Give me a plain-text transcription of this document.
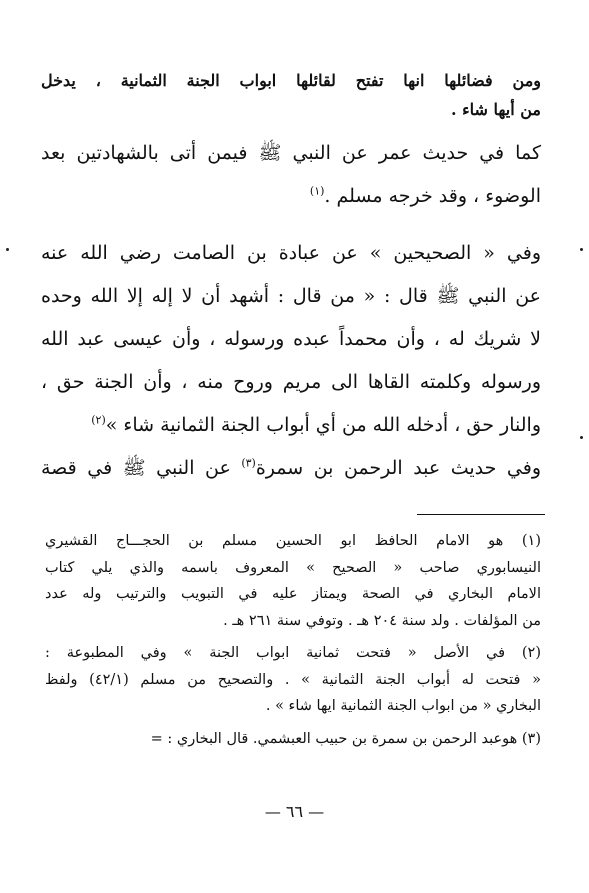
ومن فضائلها انها تفتح لقائلها ابواب الجنة الثمانية ، يدخل
من أيها شاء .
كما في حديث عمر عن النبي ﷺ فيمن أتى بالشهادتين بعد
الوضوء ، وقد خرجه مسلم .$^{(١)}$
وفي « الصحيحين » عن عبادة بن الصامت رضي الله عنه
عن النبي ﷺ قال : « من قال : أشهد أن لا إله إلا الله وحده
لا شريك له ، وأن محمداً عبده ورسوله ، وأن عيسى عبد الله
ورسوله وكلمته القاها الى مريم وروح منه ، وأن الجنة حق ،
والنار حق ، أدخله الله من أي أبواب الجنة الثمانية شاء »$^{(٢)}$
وفي حديث عبد الرحمن بن سمرة$^{(٣)}$ عن النبي ﷺ في قصة
(١) هو الامام الحافظ ابو الحسين مسلم بن الحجـــاج القشيري
النيسابوري صاحب « الصحيح » المعروف باسمه والذي يلي كتاب
الامام البخاري في الصحة ويمتاز عليه في التبويب والترتيب وله عدد
من المؤلفات . ولد سنة ٢٠٤ هـ . وتوفي سنة ٢٦١ هـ .
(٢) في الأصل « فتحت ثمانية ابواب الجنة » وفي المطبوعة :
« فتحت له أبواب الجنة الثمانية » . والتصحيح من مسلم (٤٢/١) ولفظ
البخاري « من ابواب الجنة الثمانية ايها شاء » .
(٣) هوعبد الرحمن بن سمرة بن حبيب العبشمي. قال البخاري : =
— ٦٦ —
